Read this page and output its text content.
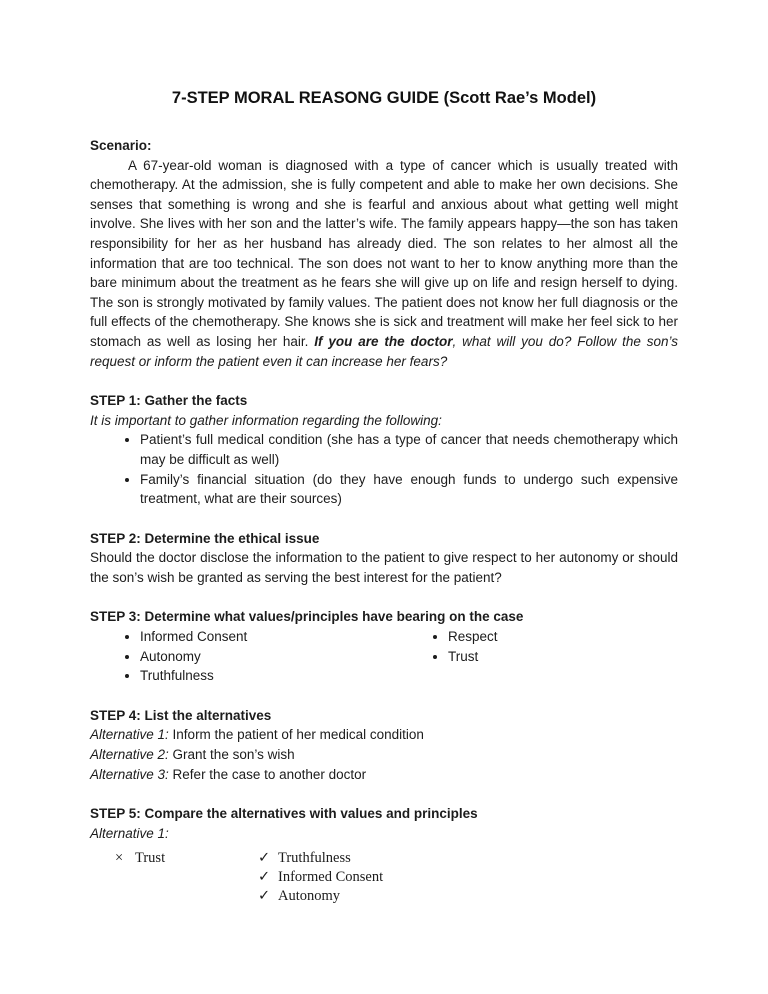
7-STEP MORAL REASONG GUIDE (Scott Rae’s Model)

Scenario:

A 67-year-old woman is diagnosed with a type of cancer which is usually treated with chemotherapy. At the admission, she is fully competent and able to make her own decisions. She senses that something is wrong and she is fearful and anxious about what getting well might involve. She lives with her son and the latter’s wife. The family appears happy—the son has taken responsibility for her as her husband has already died. The son relates to her almost all the information that are too technical. The son does not want to her to know anything more than the bare minimum about the treatment as he fears she will give up on life and resign herself to dying. The son is strongly motivated by family values. The patient does not know her full diagnosis or the full effects of the chemotherapy. She knows she is sick and treatment will make her feel sick to her stomach as well as losing her hair. If you are the doctor, what will you do? Follow the son’s request or inform the patient even it can increase her fears?

STEP 1: Gather the facts

It is important to gather information regarding the following:

• Patient’s full medical condition (she has a type of cancer that needs chemotherapy which may be difficult as well)
• Family’s financial situation (do they have enough funds to undergo such expensive treatment, what are their sources)

STEP 2: Determine the ethical issue

Should the doctor disclose the information to the patient to give respect to her autonomy or should the son’s wish be granted as serving the best interest for the patient?

STEP 3: Determine what values/principles have bearing on the case

• Informed Consent
• Autonomy
• Truthfulness
• Respect
• Trust

STEP 4: List the alternatives

Alternative 1: Inform the patient of her medical condition

Alternative 2: Grant the son’s wish

Alternative 3: Refer the case to another doctor

STEP 5: Compare the alternatives with values and principles

Alternative 1:

× Trust	✓ Truthfulness
✓ Informed Consent
✓ Autonomy
